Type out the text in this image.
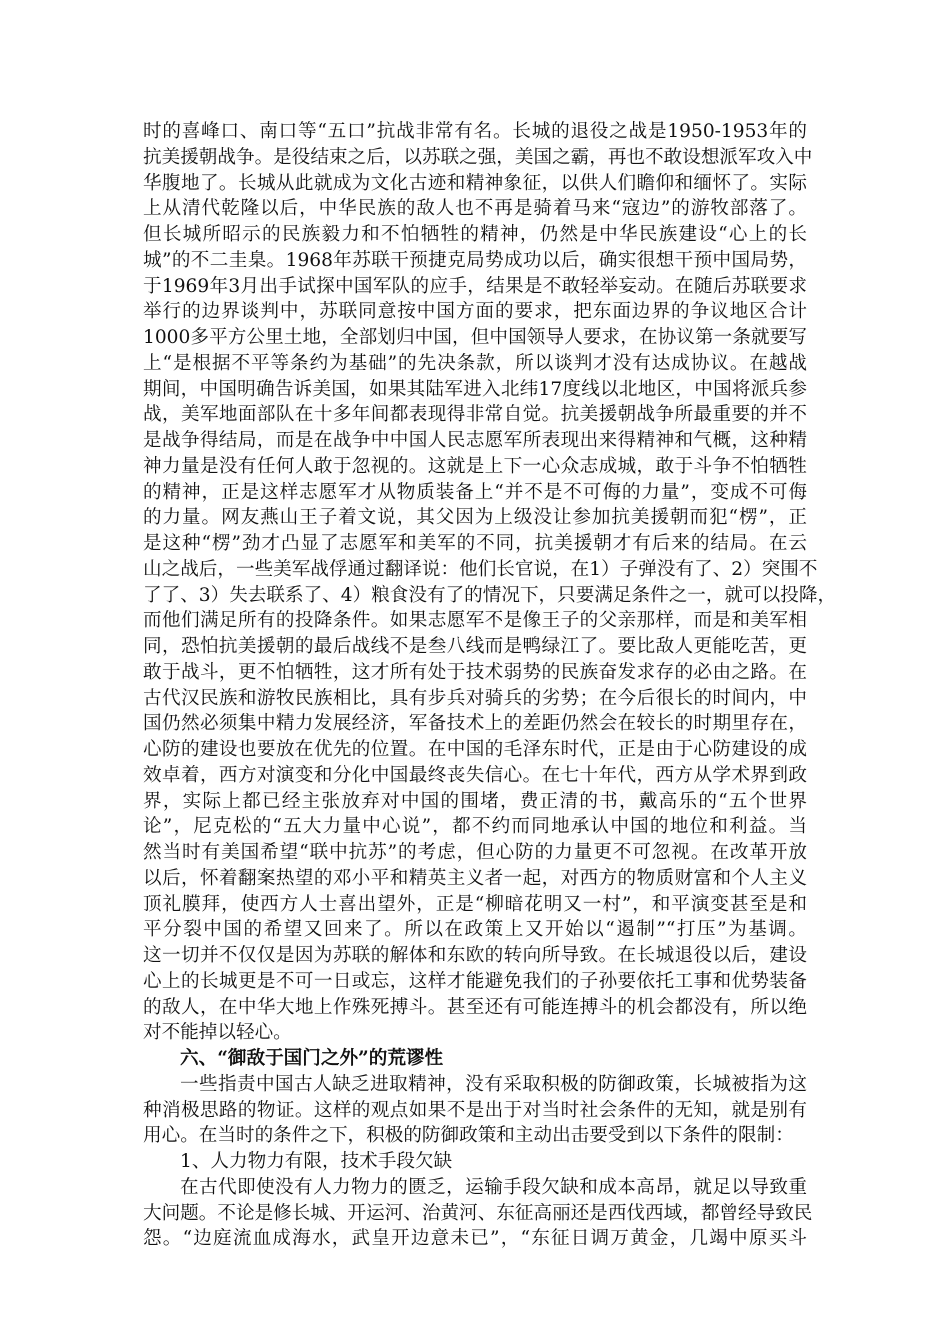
时的喜峰口、南口等“五口”抗战非常有名。长城的退役之战是1950-1953年的
抗美援朝战争。是役结束之后，以苏联之强，美国之霸，再也不敢设想派军攻入中
华腹地了。长城从此就成为文化古迹和精神象征，以供人们瞻仰和缅怀了。实际
上从清代乾隆以后，中华民族的敌人也不再是骑着马来“寇边”的游牧部落了。
但长城所昭示的民族毅力和不怕牺牲的精神，仍然是中华民族建设“心上的长
城”的不二圭臬。1968年苏联干预捷克局势成功以后，确实很想干预中国局势，
于1969年3月出手试探中国军队的应手，结果是不敢轻举妄动。在随后苏联要求
举行的边界谈判中，苏联同意按中国方面的要求，把东面边界的争议地区合计
1000多平方公里土地，全部划归中国，但中国领导人要求，在协议第一条就要写
上“是根据不平等条约为基础”的先决条款，所以谈判才没有达成协议。在越战
期间，中国明确告诉美国，如果其陆军进入北纬17度线以北地区，中国将派兵参
战，美军地面部队在十多年间都表现得非常自觉。抗美援朝战争所最重要的并不
是战争得结局，而是在战争中中国人民志愿军所表现出来得精神和气概，这种精
神力量是没有任何人敢于忽视的。这就是上下一心众志成城，敢于斗争不怕牺牲
的精神，正是这样志愿军才从物质装备上“并不是不可侮的力量”，变成不可侮
的力量。网友燕山王子着文说，其父因为上级没让参加抗美援朝而犯“楞”，正
是这种“楞”劲才凸显了志愿军和美军的不同，抗美援朝才有后来的结局。在云
山之战后，一些美军战俘通过翻译说：他们长官说，在1）子弹没有了、2）突围不
了了、3）失去联系了、4）粮食没有了的情况下，只要满足条件之一，就可以投降，
而他们满足所有的投降条件。如果志愿军不是像王子的父亲那样，而是和美军相
同，恐怕抗美援朝的最后战线不是叁八线而是鸭绿江了。要比敌人更能吃苦，更
敢于战斗，更不怕牺牲，这才所有处于技术弱势的民族奋发求存的必由之路。在
古代汉民族和游牧民族相比，具有步兵对骑兵的劣势；在今后很长的时间内，中
国仍然必须集中精力发展经济，军备技术上的差距仍然会在较长的时期里存在，
心防的建设也要放在优先的位置。在中国的毛泽东时代，正是由于心防建设的成
效卓着，西方对演变和分化中国最终丧失信心。在七十年代，西方从学术界到政
界，实际上都已经主张放弃对中国的围堵，费正清的书，戴高乐的“五个世界
论”，尼克松的“五大力量中心说”，都不约而同地承认中国的地位和利益。当
然当时有美国希望“联中抗苏”的考虑，但心防的力量更不可忽视。在改革开放
以后，怀着翻案热望的邓小平和精英主义者一起，对西方的物质财富和个人主义
顶礼膜拜，使西方人士喜出望外，正是“柳暗花明又一村”，和平演变甚至是和
平分裂中国的希望又回来了。所以在政策上又开始以“遏制”“打压”为基调。
这一切并不仅仅是因为苏联的解体和东欧的转向所导致。在长城退役以后，建设
心上的长城更是不可一日或忘，这样才能避免我们的子孙要依托工事和优势装备
的敌人，在中华大地上作殊死搏斗。甚至还有可能连搏斗的机会都没有，所以绝
对不能掉以轻心。
六、“御敌于国门之外”的荒谬性
一些指责中国古人缺乏进取精神，没有采取积极的防御政策，长城被指为这
种消极思路的物证。这样的观点如果不是出于对当时社会条件的无知，就是别有
用心。在当时的条件之下，积极的防御政策和主动出击要受到以下条件的限制：
1、人力物力有限，技术手段欠缺
在古代即使没有人力物力的匮乏，运输手段欠缺和成本高昂，就足以导致重
大问题。不论是修长城、开运河、治黄河、东征高丽还是西伐西域，都曾经导致民
怨。“边庭流血成海水，武皇开边意未已”，“东征日调万黄金，几竭中原买斗
